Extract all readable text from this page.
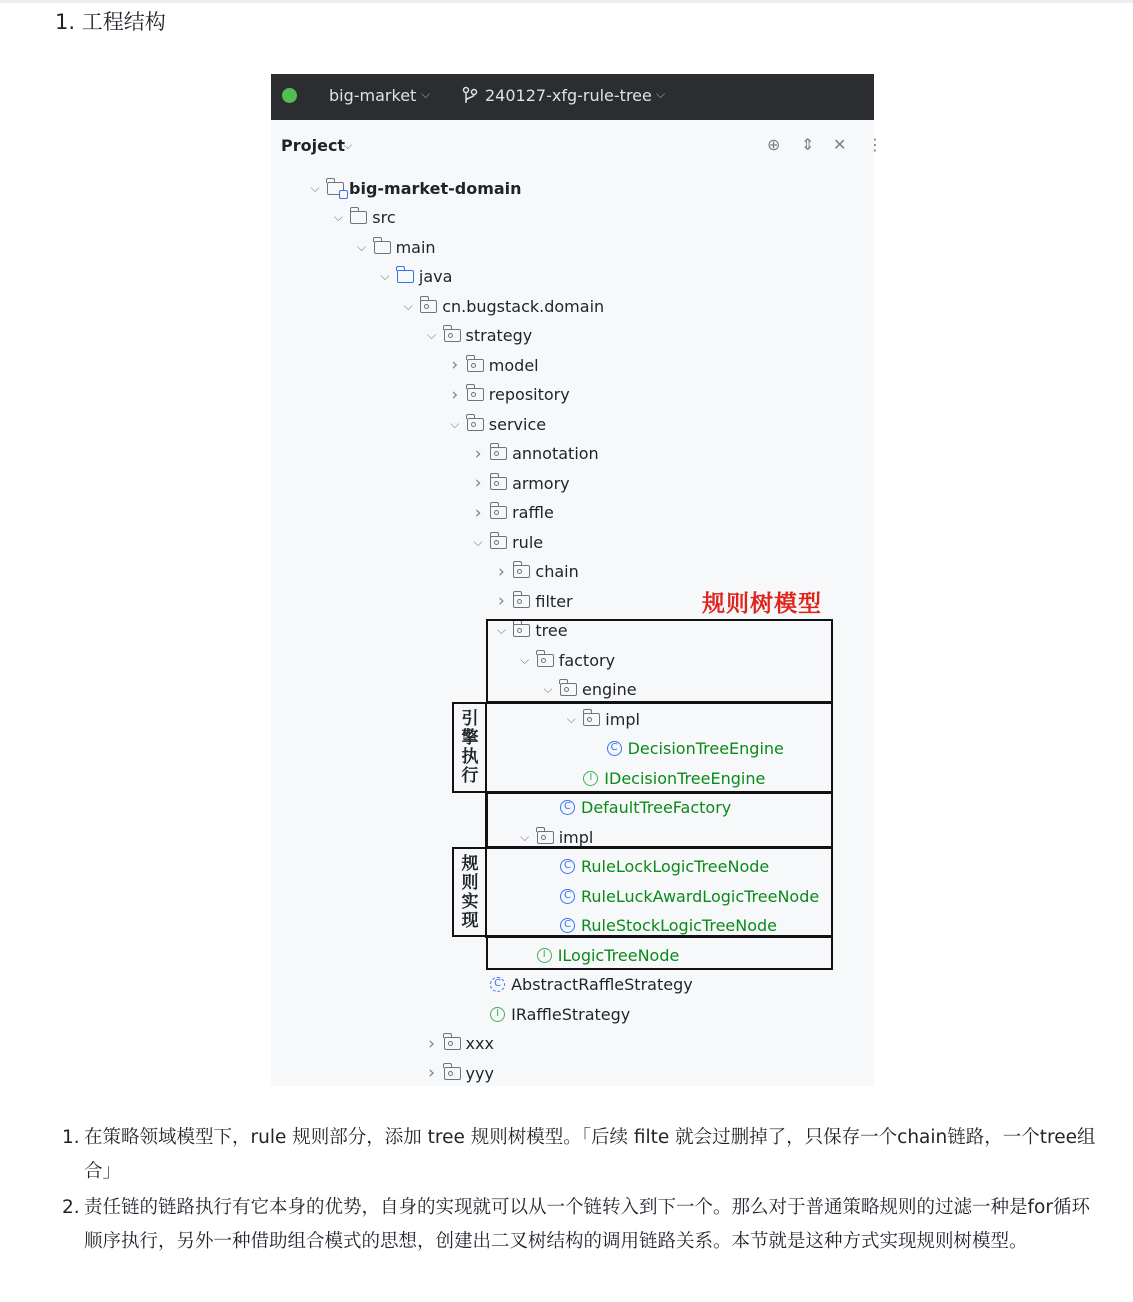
1. 工程结构
big-market ⌵	240127-xfg-rule-tree ⌵
Project
⌵	⊕ ⇕ ✕ ⋮
⌵ big-market-domain
⌵ src
⌵ main
⌵ java
⌵ cn.bugstack.domain
⌵ strategy
›	model
›	repository
⌵ service
›	annotation
›	armory
›	raffle
⌵ rule
›	chain
›	filter
⌵ tree
⌵ factory
⌵ engine
⌵ impl
C DecisionTreeEngine
I IDecisionTreeEngine
C DefaultTreeFactory
⌵ impl
C RuleLockLogicTreeNode
C RuleLuckAwardLogicTreeNode
C RuleStockLogicTreeNode
I ILogicTreeNode
C AbstractRaffleStrategy
I IRaffleStrategy
›	xxx
›	yyy
规则树模型
引
擎
执
行
规
则
实
现
1. 在策略领域模型下，rule 规则部分，添加 tree 规则树模型。「后续 filte 就会过删掉了，只保存一个chain链路，一个tree组合」
2. 责任链的链路执行有它本身的优势，自身的实现就可以从一个链转入到下一个。那么对于普通策略规则的过滤一种是for循环顺序执行，另外一种借助组合模式的思想，创建出二叉树结构的调用链路关系。本节就是这种方式实现规则树模型。
